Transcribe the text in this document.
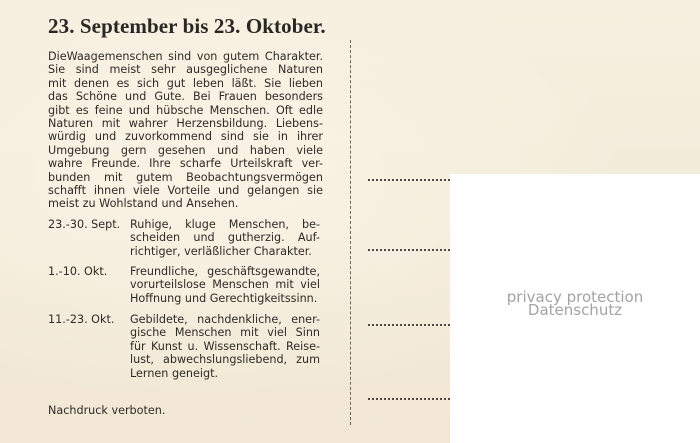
23. September bis 23. Oktober.
DieWaagemenschen sind von gutem Charakter.
Sie sind meist sehr ausgeglichene Naturen
mit denen es sich gut leben läßt. Sie lieben
das Schöne und Gute. Bei Frauen besonders
gibt es feine und hübsche Menschen. Oft edle
Naturen mit wahrer Herzensbildung. Liebens-
würdig und zuvorkommend sind sie in ihrer
Umgebung gern gesehen und haben viele
wahre Freunde. Ihre scharfe Urteilskraft ver-
bunden mit gutem Beobachtungsvermögen
schafft ihnen viele Vorteile und gelangen sie
meist zu Wohlstand und Ansehen.
23.-30. Sept. Ruhige, kluge Menschen, be-
scheiden und gutherzig. Auf-
richtiger, verläßlicher Charakter.
1.-10. Okt. Freundliche, geschäftsgewandte,
vorurteilslose Menschen mit viel
Hoffnung und Gerechtigkeitssinn.
11.-23. Okt. Gebildete, nachdenkliche, ener-
gische Menschen mit viel Sinn
für Kunst u. Wissenschaft. Reise-
lust, abwechslungsliebend, zum
Lernen geneigt.
Nachdruck verboten.
privacy protection
Datenschutz
